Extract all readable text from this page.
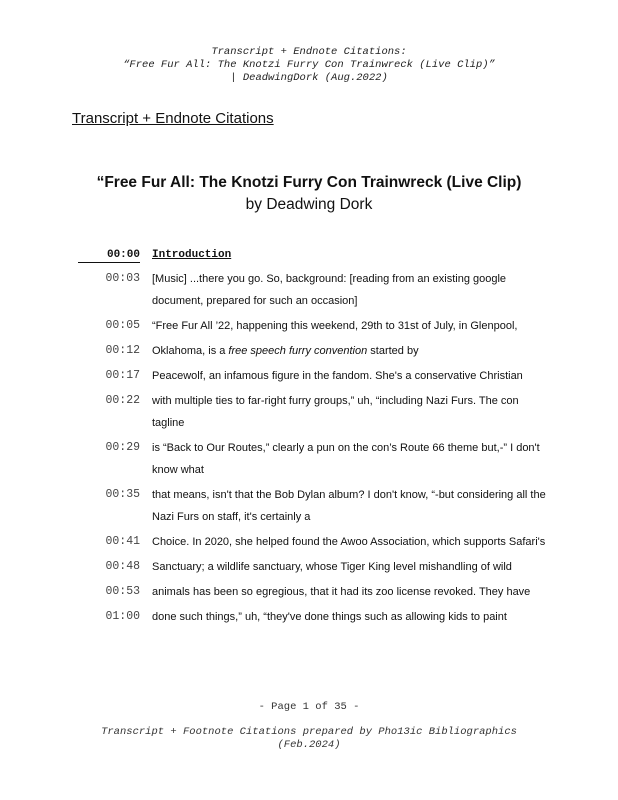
Transcript + Endnote Citations:
“Free Fur All: The Knotzi Furry Con Trainwreck (Live Clip)”
| DeadwingDork (Aug.2022)
Transcript + Endnote Citations
“Free Fur All: The Knotzi Furry Con Trainwreck (Live Clip)
by Deadwing Dork
00:00 Introduction
00:03 [Music] ...there you go. So, background: [reading from an existing google document, prepared for such an occasion]
00:05 “Free Fur All ’22, happening this weekend, 29th to 31st of July, in Glenpool,
00:12 Oklahoma, is a free speech furry convention started by
00:17 Peacewolf, an infamous figure in the fandom. She's a conservative Christian
00:22 with multiple ties to far-right furry groups,” uh, “including Nazi Furs. The con tagline
00:29 is “Back to Our Routes,” clearly a pun on the con’s Route 66 theme but,-” I don't know what
00:35 that means, isn't that the Bob Dylan album? I don't know, “-but considering all the Nazi Furs on staff, it's certainly a
00:41 Choice. In 2020, she helped found the Awoo Association, which supports Safari's
00:48 Sanctuary; a wildlife sanctuary, whose Tiger King level mishandling of wild
00:53 animals has been so egregious, that it had its zoo license revoked. They have
01:00 done such things,” uh, “they've done things such as allowing kids to paint
- Page 1 of 35 -
Transcript + Footnote Citations prepared by Pho13ic Bibliographics
(Feb.2024)
